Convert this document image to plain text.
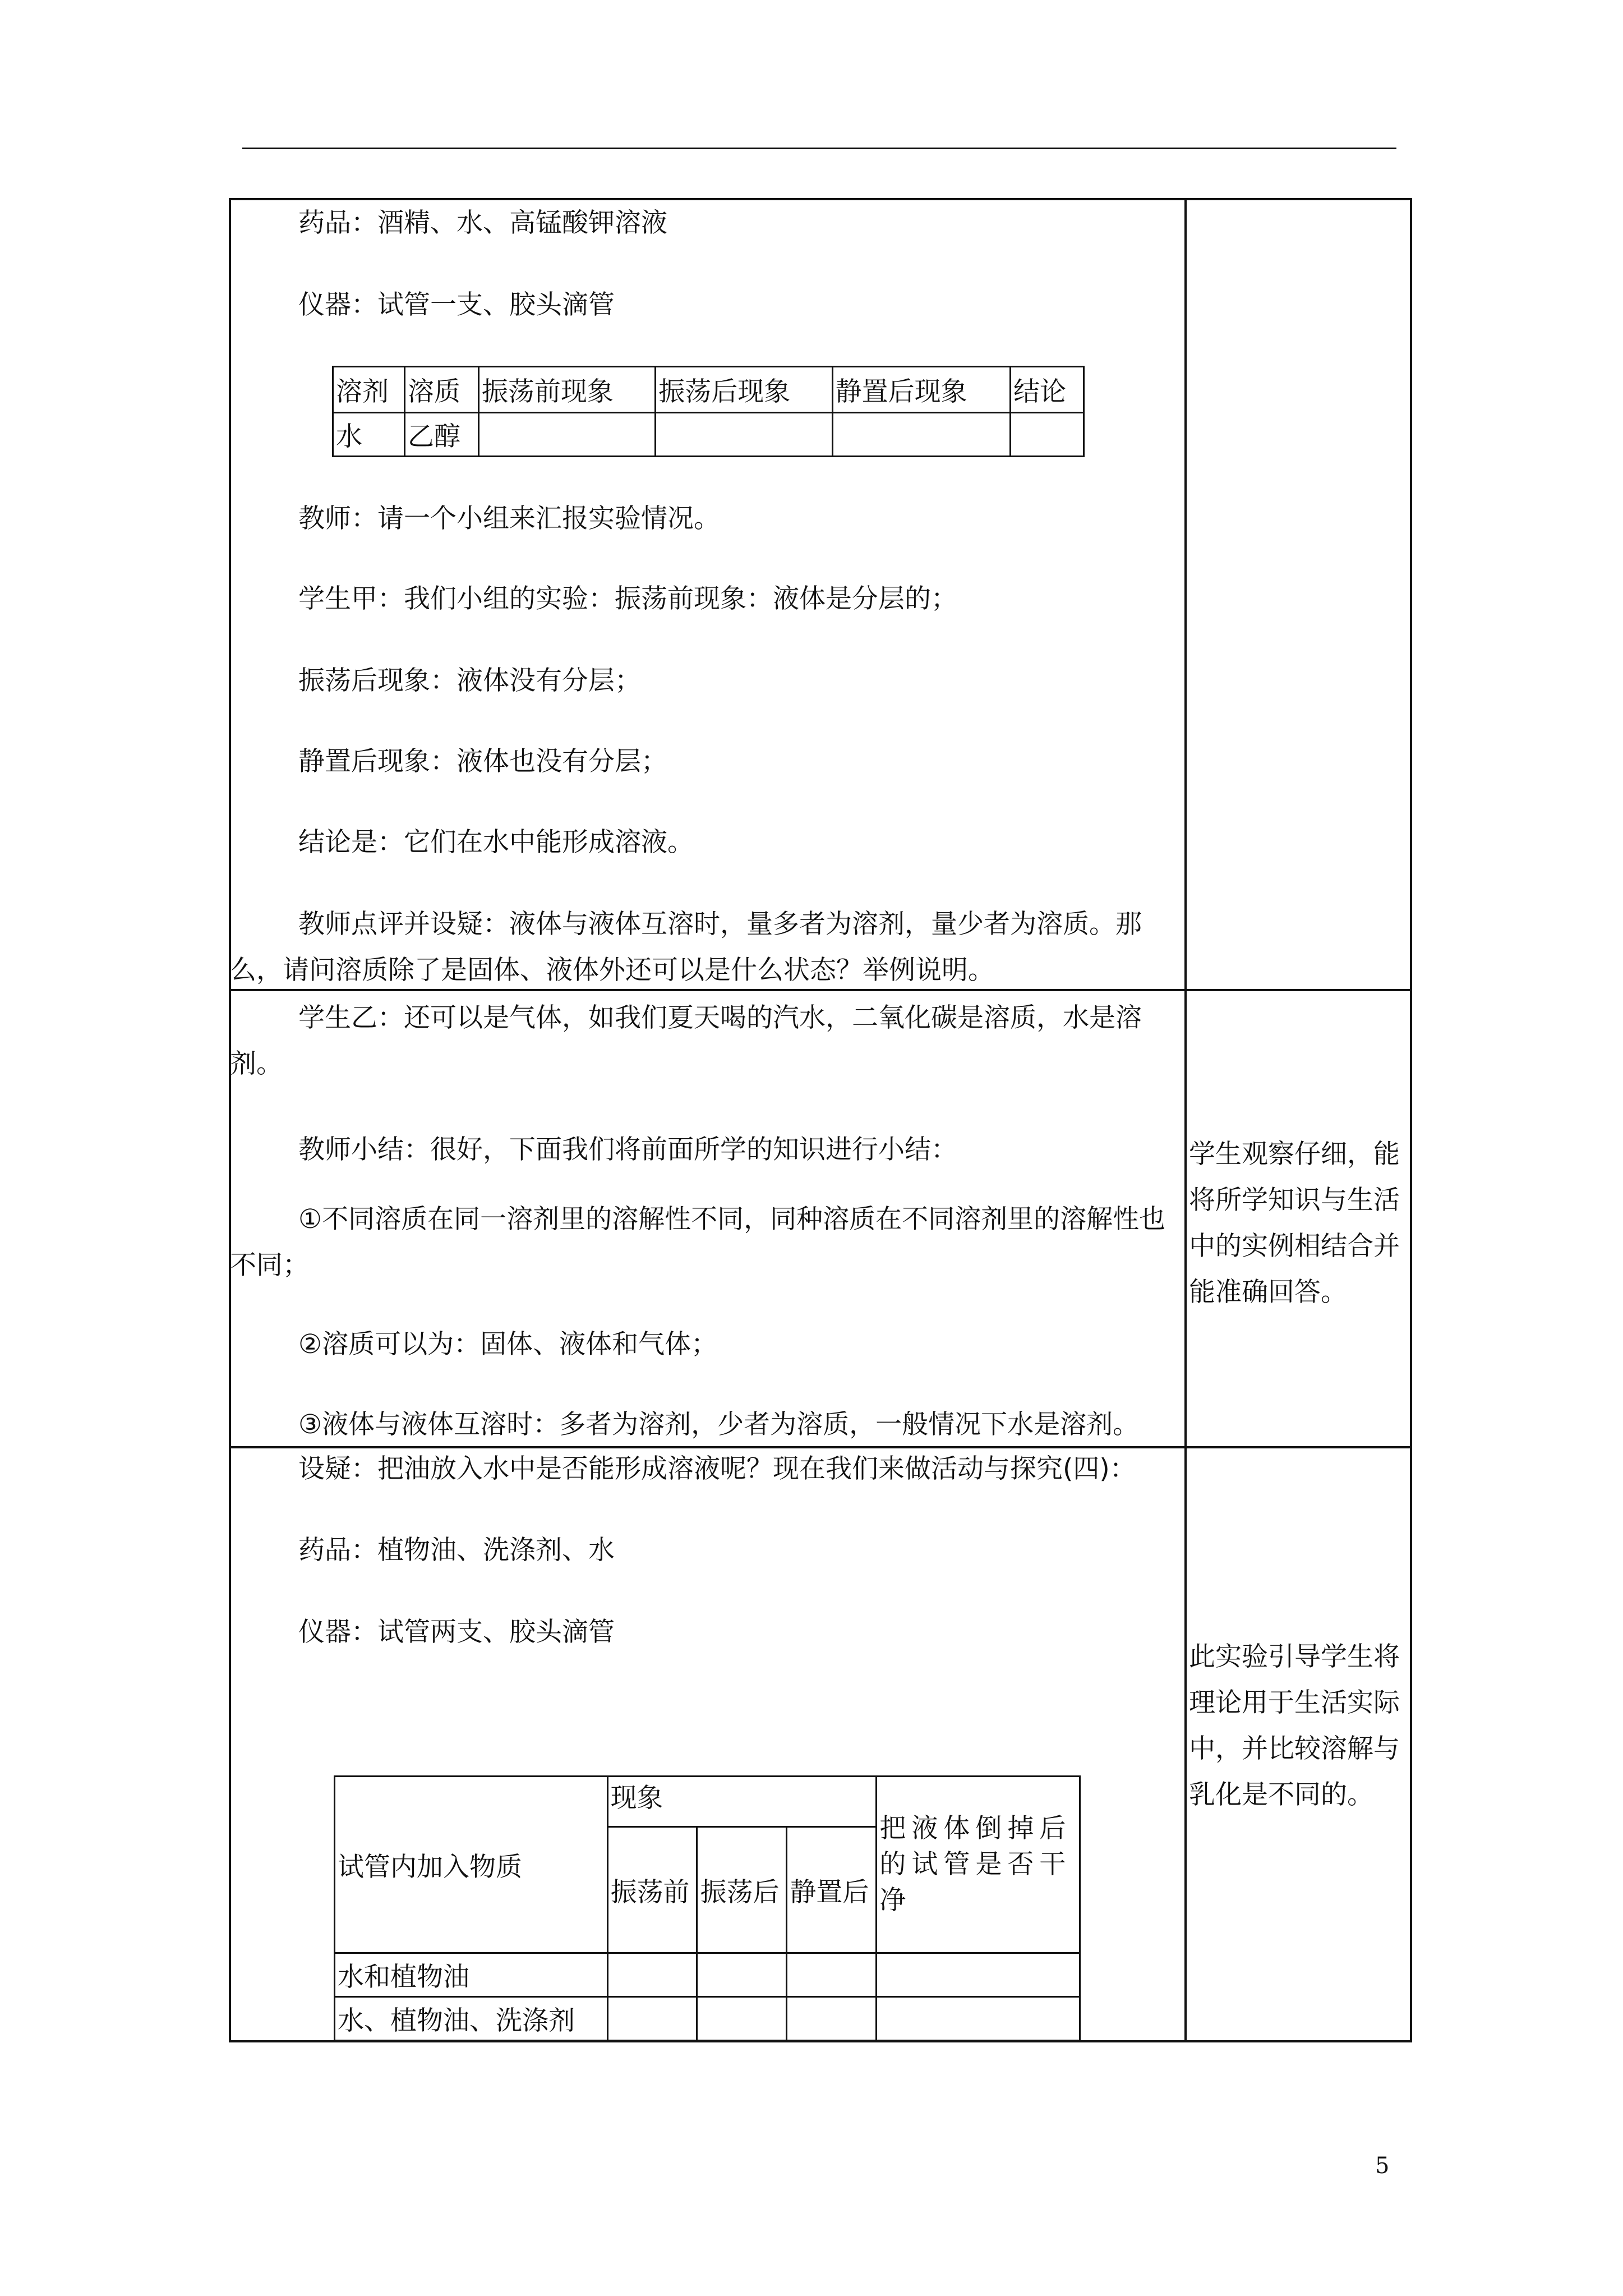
药品：酒精、水、高锰酸钾溶液
仪器：试管一支、胶头滴管
溶剂	溶质	振荡前现象	振荡后现象	静置后现象	结论
水	乙醇				
教师：请一个小组来汇报实验情况。
学生甲：我们小组的实验：振荡前现象：液体是分层的；
振荡后现象：液体没有分层；
静置后现象：液体也没有分层；
结论是：它们在水中能形成溶液。
教师点评并设疑：液体与液体互溶时，量多者为溶剂，量少者为溶质。那么，请问溶质除了是固体、液体外还可以是什么状态？举例说明。
学生乙：还可以是气体，如我们夏天喝的汽水，二氧化碳是溶质，水是溶剂。
教师小结：很好，下面我们将前面所学的知识进行小结：
①不同溶质在同一溶剂里的溶解性不同，同种溶质在不同溶剂里的溶解性也不同；
②溶质可以为：固体、液体和气体；
③液体与液体互溶时：多者为溶剂，少者为溶质，一般情况下水是溶剂。
学生观察仔细，能将所学知识与生活中的实例相结合并能准确回答。
设疑：把油放入水中是否能形成溶液呢？现在我们来做活动与探究(四)：
药品：植物油、洗涤剂、水
仪器：试管两支、胶头滴管
此实验引导学生将理论用于生活实际中，并比较溶解与乳化是不同的。
试管内加入物质	现象			把液体倒掉后的试管是否干净
	振荡前	振荡后	静置后	
水和植物油				
水、植物油、洗涤剂				
5
